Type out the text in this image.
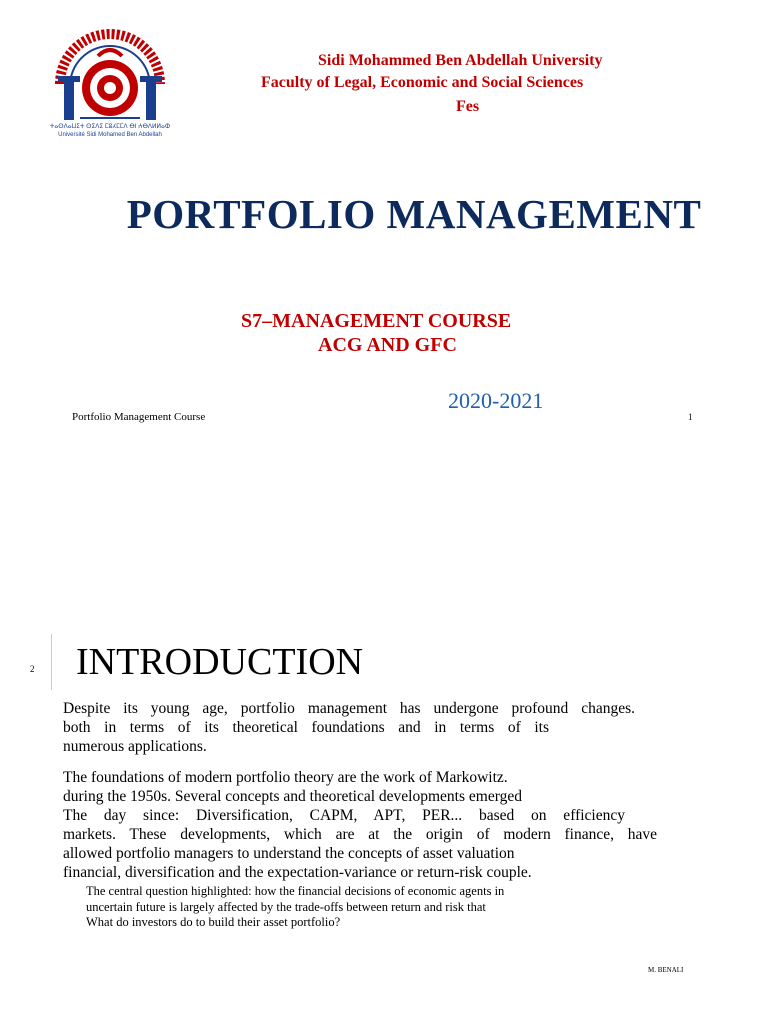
ⵜⴰⵙⴷⴰⵡⵉⵜ ⵙⵉⴷⵉ ⵎⵓⵃⵎⵎⴷ ⴱⵏ ⵄⴱⴷⵍⵍⴰⵀ
Université Sidi Mohamed Ben Abdellah
Sidi Mohammed Ben Abdellah University
Faculty of Legal, Economic and Social Sciences
Fes
PORTFOLIO MANAGEMENT
S7–MANAGEMENT COURSE
ACG AND GFC
2020-2021
Portfolio Management Course	1
2 INTRODUCTION
Despite its young age, portfolio management has undergone profound changes.
both in terms of its theoretical foundations and in terms of its
numerous applications.
The foundations of modern portfolio theory are the work of Markowitz.
during the 1950s. Several concepts and theoretical developments emerged
The day since: Diversification, CAPM, APT, PER... based on efficiency
markets. These developments, which are at the origin of modern finance, have
allowed portfolio managers to understand the concepts of asset valuation
financial, diversification and the expectation-variance or return-risk couple.
The central question highlighted: how the financial decisions of economic agents in
uncertain future is largely affected by the trade-offs between return and risk that
What do investors do to build their asset portfolio?
M. BENALI
